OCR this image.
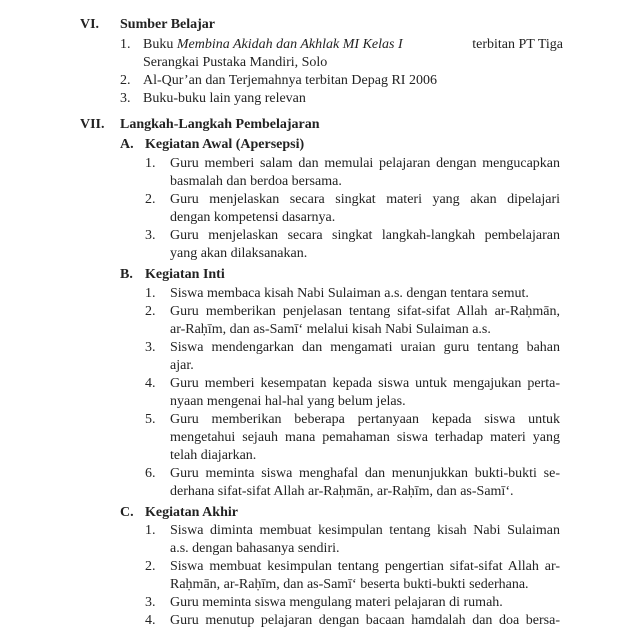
VI. Sumber Belajar
1. Buku Membina Akidah dan Akhlak MI Kelas I	terbitan PT Tiga
Serangkai Pustaka Mandiri, Solo
2. Al-Qur’an dan Terjemahnya terbitan Depag RI 2006
3. Buku-buku lain yang relevan
VII. Langkah-Langkah Pembelajaran
A. Kegiatan Awal (Apersepsi)
1. Guru memberi salam dan memulai pelajaran dengan mengucapkan
basmalah dan berdoa bersama.
2. Guru menjelaskan secara singkat materi yang akan dipelajari
dengan kompetensi dasarnya.
3. Guru menjelaskan secara singkat langkah-langkah pembelajaran
yang akan dilaksanakan.
B. Kegiatan Inti
1. Siswa membaca kisah Nabi Sulaiman a.s. dengan tentara semut.
2. Guru memberikan penjelasan tentang sifat-sifat Allah ar-Raḥmān,
ar-Raḥīm, dan as-Samī‘ melalui kisah Nabi Sulaiman a.s.
3. Siswa mendengarkan dan mengamati uraian guru tentang bahan
ajar.
4. Guru memberi kesempatan kepada siswa untuk mengajukan perta-
nyaan mengenai hal-hal yang belum jelas.
5. Guru memberikan beberapa pertanyaan kepada siswa untuk
mengetahui sejauh mana pemahaman siswa terhadap materi yang
telah diajarkan.
6. Guru meminta siswa menghafal dan menunjukkan bukti-bukti se-
derhana sifat-sifat Allah ar-Raḥmān, ar-Raḥīm, dan as-Samī‘.
C. Kegiatan Akhir
1. Siswa diminta membuat kesimpulan tentang kisah Nabi Sulaiman
a.s. dengan bahasanya sendiri.
2. Siswa membuat kesimpulan tentang pengertian sifat-sifat Allah ar-
Raḥmān, ar-Raḥīm, dan as-Samī‘ beserta bukti-bukti sederhana.
3. Guru meminta siswa mengulang materi pelajaran di rumah.
4. Guru menutup pelajaran dengan bacaan hamdalah dan doa bersa-
